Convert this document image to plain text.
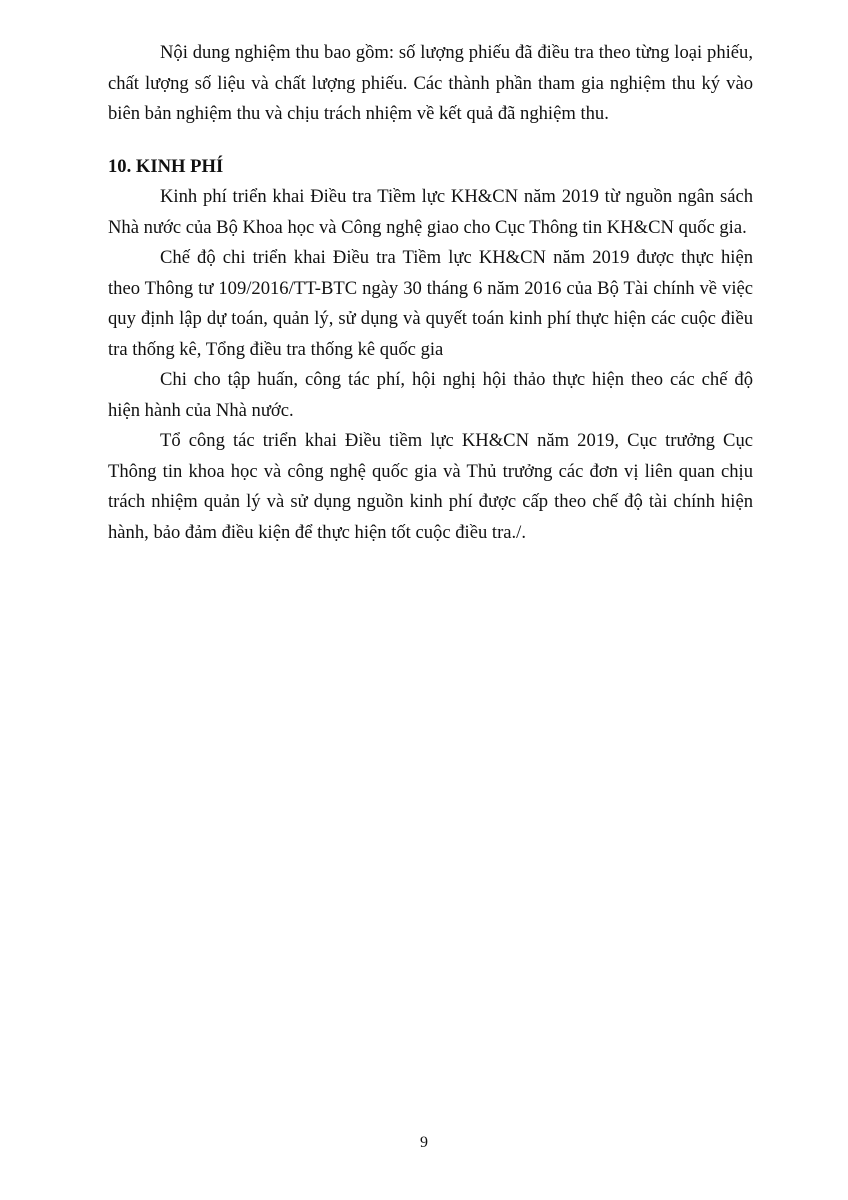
Nội dung nghiệm thu bao gồm: số lượng phiếu đã điều tra theo từng loại phiếu, chất lượng số liệu và chất lượng phiếu. Các thành phần tham gia nghiệm thu ký vào biên bản nghiệm thu và chịu trách nhiệm về kết quả đã nghiệm thu.

10. KINH PHÍ

Kinh phí triển khai Điều tra Tiềm lực KH&CN năm 2019 từ nguồn ngân sách Nhà nước của Bộ Khoa học và Công nghệ giao cho Cục Thông tin KH&CN quốc gia.

Chế độ chi triển khai Điều tra Tiềm lực KH&CN năm 2019 được thực hiện theo Thông tư 109/2016/TT-BTC ngày 30 tháng 6 năm 2016 của Bộ Tài chính về việc quy định lập dự toán, quản lý, sử dụng và quyết toán kinh phí thực hiện các cuộc điều tra thống kê, Tổng điều tra thống kê quốc gia

Chi cho tập huấn, công tác phí, hội nghị hội thảo thực hiện theo các chế độ hiện hành của Nhà nước.

Tổ công tác triển khai Điều tiềm lực KH&CN năm 2019, Cục trưởng Cục Thông tin khoa học và công nghệ quốc gia và Thủ trưởng các đơn vị liên quan chịu trách nhiệm quản lý và sử dụng nguồn kinh phí được cấp theo chế độ tài chính hiện hành, bảo đảm điều kiện để thực hiện tốt cuộc điều tra./.

9
